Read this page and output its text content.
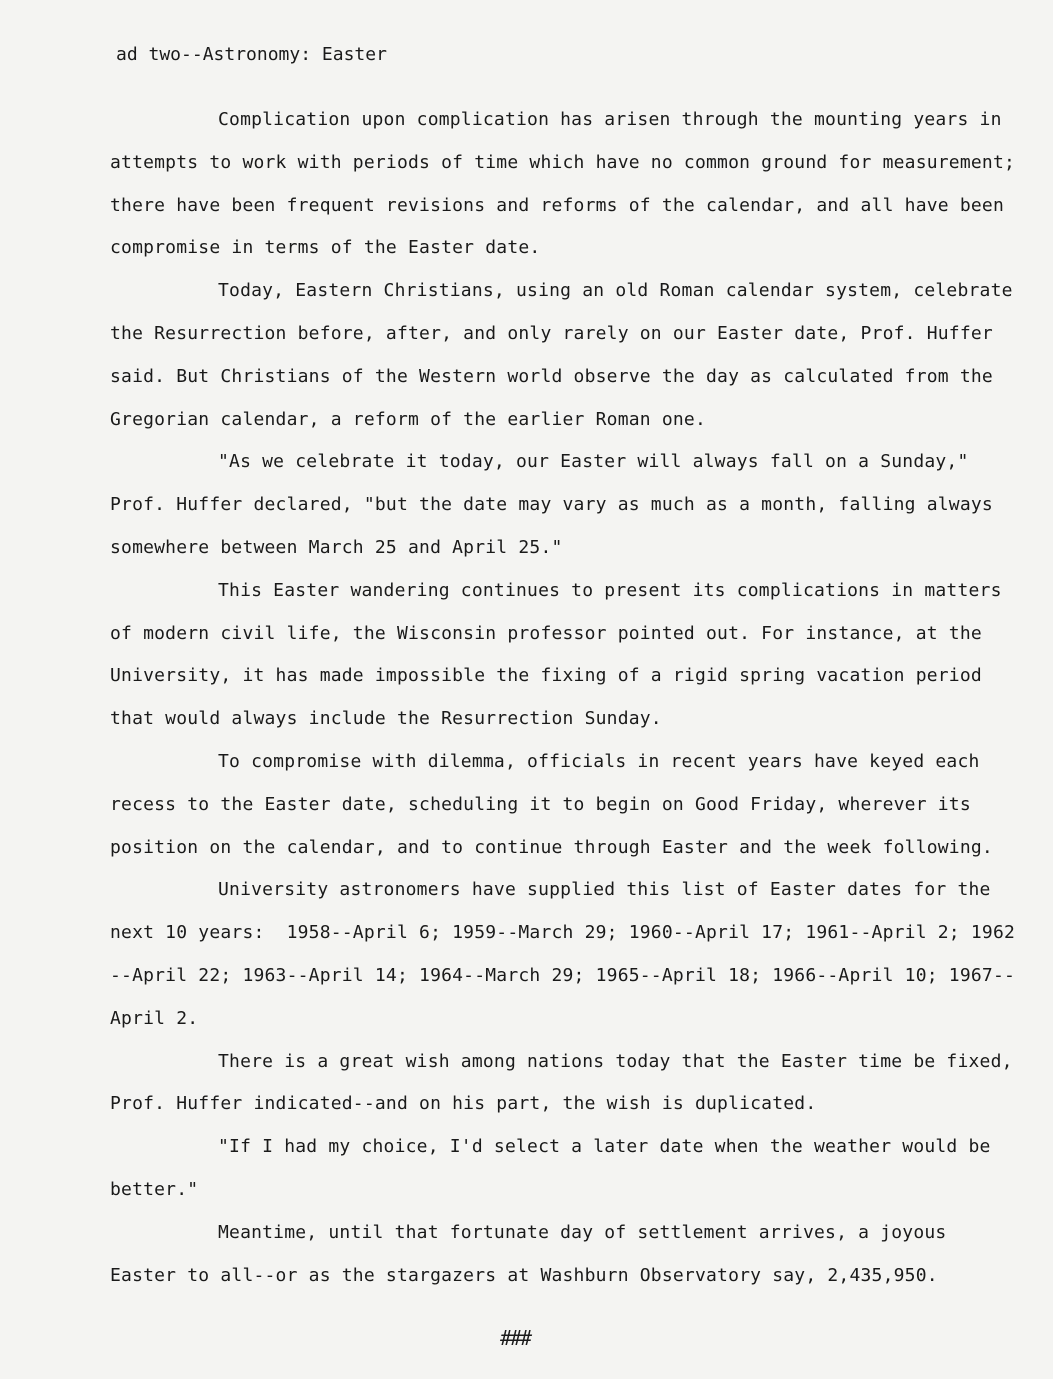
ad two--Astronomy: Easter
Complication upon complication has arisen through the mounting years in
attempts to work with periods of time which have no common ground for measurement;
there have been frequent revisions and reforms of the calendar, and all have been
compromise in terms of the Easter date.
Today, Eastern Christians, using an old Roman calendar system, celebrate
the Resurrection before, after, and only rarely on our Easter date, Prof. Huffer
said. But Christians of the Western world observe the day as calculated from the
Gregorian calendar, a reform of the earlier Roman one.
"As we celebrate it today, our Easter will always fall on a Sunday,"
Prof. Huffer declared, "but the date may vary as much as a month, falling always
somewhere between March 25 and April 25."
This Easter wandering continues to present its complications in matters
of modern civil life, the Wisconsin professor pointed out. For instance, at the
University, it has made impossible the fixing of a rigid spring vacation period
that would always include the Resurrection Sunday.
To compromise with dilemma, officials in recent years have keyed each
recess to the Easter date, scheduling it to begin on Good Friday, wherever its
position on the calendar, and to continue through Easter and the week following.
University astronomers have supplied this list of Easter dates for the
next 10 years:  1958--April 6; 1959--March 29; 1960--April 17; 1961--April 2; 1962
--April 22; 1963--April 14; 1964--March 29; 1965--April 18; 1966--April 10; 1967--
April 2.
There is a great wish among nations today that the Easter time be fixed,
Prof. Huffer indicated--and on his part, the wish is duplicated.
"If I had my choice, I'd select a later date when the weather would be
better."
Meantime, until that fortunate day of settlement arrives, a joyous
Easter to all--or as the stargazers at Washburn Observatory say, 2,435,950.
###
